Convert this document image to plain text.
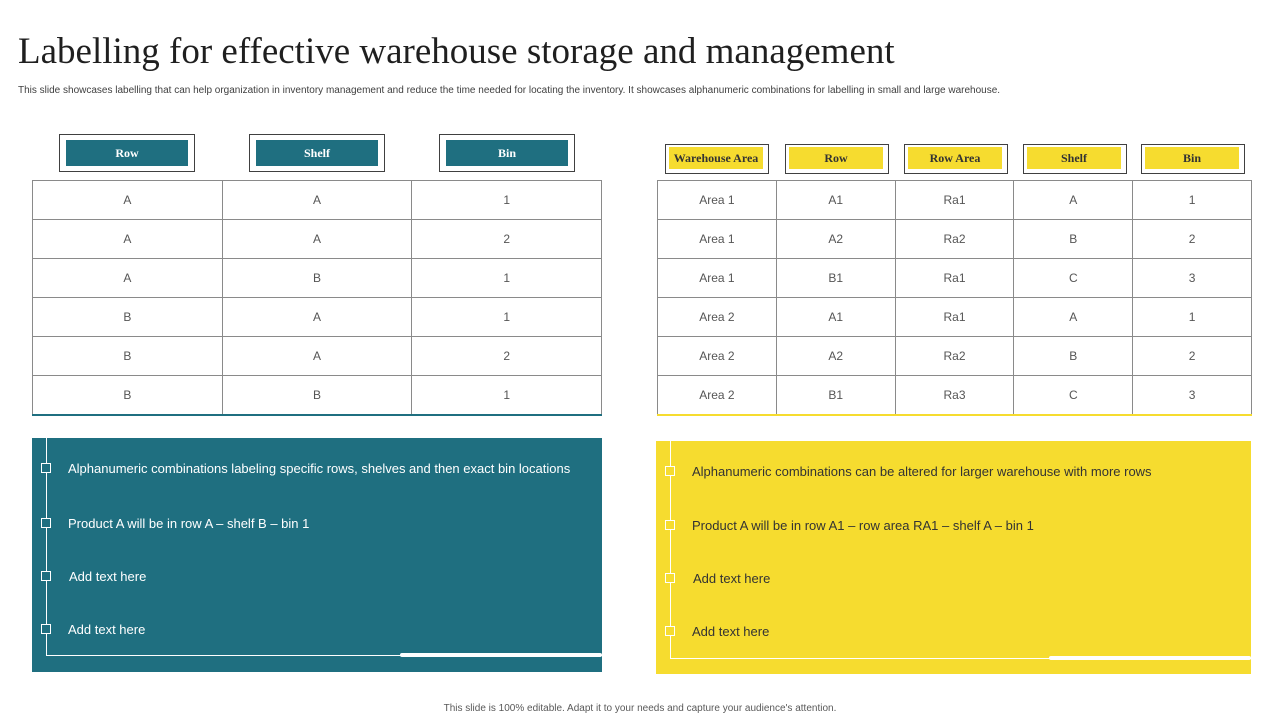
Labelling for effective warehouse storage and management

This slide showcases labelling that can help organization in inventory management and reduce the time needed for locating the inventory. It showcases alphanumeric combinations for labelling in small and large warehouse.

Row	Shelf	Bin
A	A	1
A	A	2
A	B	1
B	A	1
B	A	2
B	B	1
Warehouse Area	Row	Row Area	Shelf	Bin
Area 1	A1	Ra1	A	1
Area 1	A2	Ra2	B	2
Area 1	B1	Ra1	C	3
Area 2	A1	Ra1	A	1
Area 2	A2	Ra2	B	2
Area 2	B1	Ra3	C	3
Alphanumeric combinations labeling specific rows, shelves and then exact bin locations
Product A will be in row A – shelf B – bin 1
Add text here
Add text here
Alphanumeric combinations can be altered for larger warehouse with more rows
Product A will be in row A1 – row area RA1 – shelf A – bin 1
Add text here
Add text here

This slide is 100% editable. Adapt it to your needs and capture your audience's attention.
